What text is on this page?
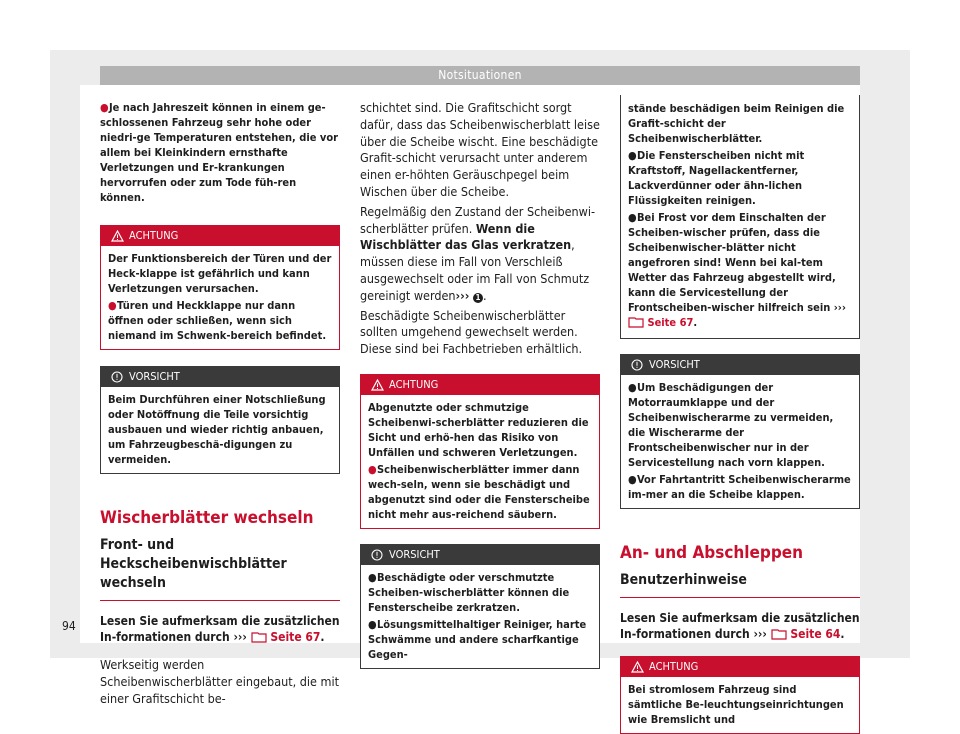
Notsituationen
●Je nach Jahreszeit können in einem ge-schlossenen Fahrzeug sehr hohe oder niedri-ge Temperaturen entstehen, die vor allem bei Kleinkindern ernsthafte Verletzungen und Er-krankungen hervorrufen oder zum Tode füh-ren können.
ACHTUNG
Der Funktionsbereich der Türen und der Heck-klappe ist gefährlich und kann Verletzungen verursachen.
●Türen und Heckklappe nur dann öffnen oder schließen, wenn sich niemand im Schwenk-bereich befindet.
VORSICHT
Beim Durchführen einer Notschließung oder Notöffnung die Teile vorsichtig ausbauen und wieder richtig anbauen, um Fahrzeugbeschä-digungen zu vermeiden.
Wischerblätter wechseln
Front- und Heckscheibenwischblätter wechseln
Lesen Sie aufmerksam die zusätzlichen In-formationen durch ››› Seite 67.

Werkseitig werden Scheibenwischerblätter eingebaut, die mit einer Grafitschicht be-

schichtet sind. Die Grafitschicht sorgt dafür, dass das Scheibenwischerblatt leise über die Scheibe wischt. Eine beschädigte Grafit-schicht verursacht unter anderem einen er-höhten Geräuschpegel beim Wischen über die Scheibe.

Regelmäßig den Zustand der Scheibenwi-scherblätter prüfen. Wenn die Wischblätter das Glas verkratzen, müssen diese im Fall von Verschleiß ausgewechselt oder im Fall von Schmutz gereinigt werden››› 1 .

Beschädigte Scheibenwischerblätter sollten umgehend gewechselt werden. Diese sind bei Fachbetrieben erhältlich.

ACHTUNG
Abgenutzte oder schmutzige Scheibenwi-scherblätter reduzieren die Sicht und erhö-hen das Risiko von Unfällen und schweren Verletzungen.
●Scheibenwischerblätter immer dann wech-seln, wenn sie beschädigt und abgenutzt sind oder die Fensterscheibe nicht mehr aus-reichend säubern.
VORSICHT
●Beschädigte oder verschmutzte Scheiben-wischerblätter können die Fensterscheibe zerkratzen.
●Lösungsmittelhaltiger Reiniger, harte Schwämme und andere scharfkantige Gegen-
stände beschädigen beim Reinigen die Grafit-schicht der Scheibenwischerblätter.
●Die Fensterscheiben nicht mit Kraftstoff, Nagellackentferner, Lackverdünner oder ähn-lichen Flüssigkeiten reinigen.
●Bei Frost vor dem Einschalten der Scheiben-wischer prüfen, dass die Scheibenwischer-blätter nicht angefroren sind! Wenn bei kal-tem Wetter das Fahrzeug abgestellt wird, kann die Servicestellung der Frontscheiben-wischer hilfreich sein ›››  Seite 67.
VORSICHT
●Um Beschädigungen der Motorraumklappe und der Scheibenwischerarme zu vermeiden, die Wischerarme der Frontscheibenwischer nur in der Servicestellung nach vorn klappen.
●Vor Fahrtantritt Scheibenwischerarme im-mer an die Scheibe klappen.
An- und Abschleppen
Benutzerhinweise
Lesen Sie aufmerksam die zusätzlichen In-formationen durch ››› Seite 64.
ACHTUNG
Bei stromlosem Fahrzeug sind sämtliche Be-leuchtungseinrichtungen wie Bremslicht und
94
